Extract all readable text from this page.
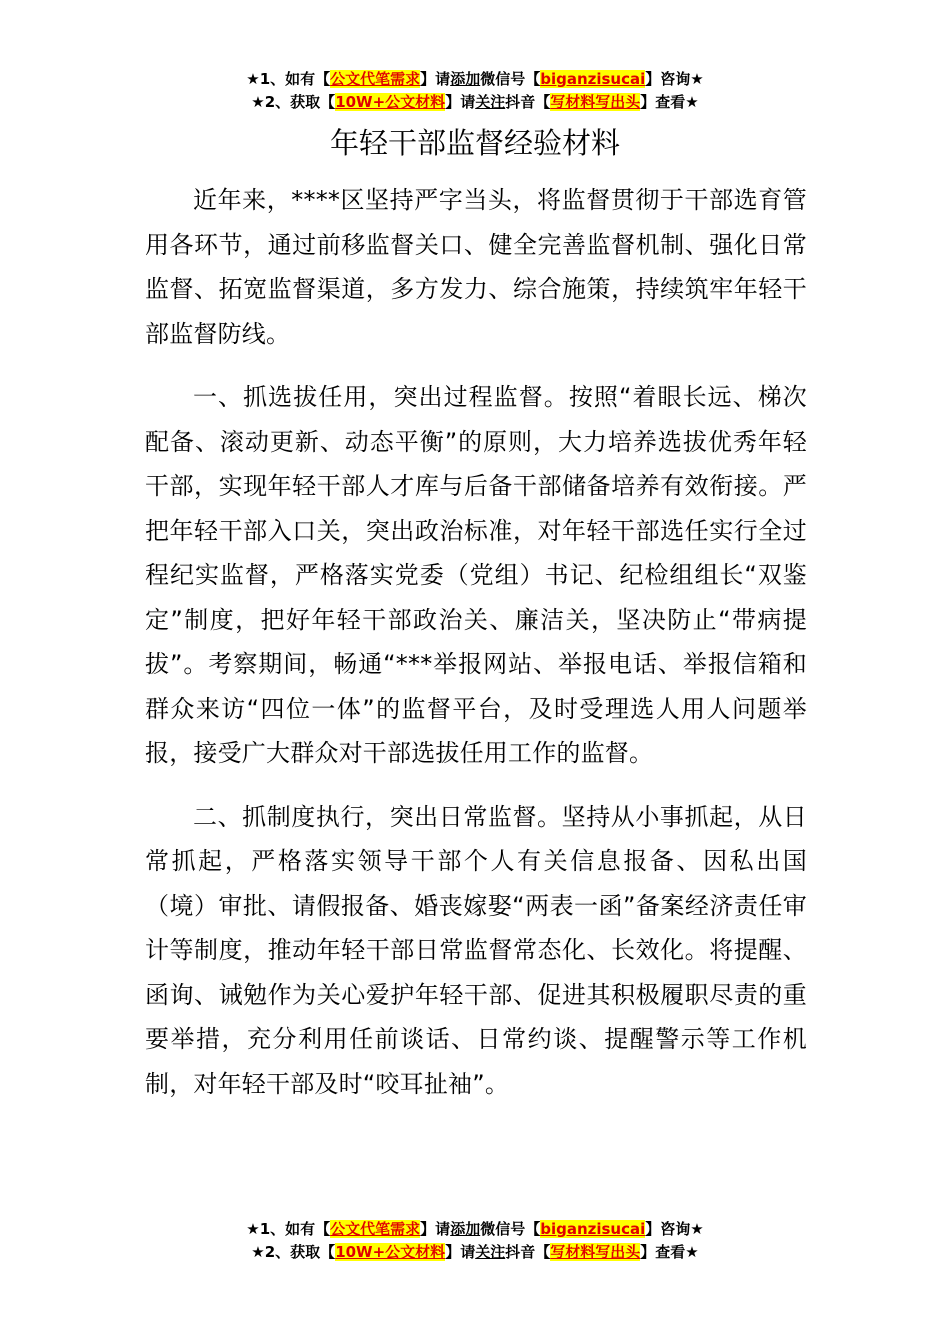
★1、如有【公文代笔需求】请添加微信号【biganzisucai】咨询★
★2、获取【10W+公文材料】请关注抖音【写材料写出头】查看★
年轻干部监督经验材料

近年来，****区坚持严字当头，将监督贯彻于干部选育管用各环节，通过前移监督关口、健全完善监督机制、强化日常监督、拓宽监督渠道，多方发力、综合施策，持续筑牢年轻干部监督防线。

一、抓选拔任用，突出过程监督。按照“着眼长远、梯次配备、滚动更新、动态平衡”的原则，大力培养选拔优秀年轻干部，实现年轻干部人才库与后备干部储备培养有效衔接。严把年轻干部入口关，突出政治标准，对年轻干部选任实行全过程纪实监督，严格落实党委（党组）书记、纪检组组长“双鉴定”制度，把好年轻干部政治关、廉洁关，坚决防止“带病提拔”。考察期间，畅通“***举报网站、举报电话、举报信箱和群众来访“四位一体”的监督平台，及时受理选人用人问题举报，接受广大群众对干部选拔任用工作的监督。

二、抓制度执行，突出日常监督。坚持从小事抓起，从日常抓起，严格落实领导干部个人有关信息报备、因私出国（境）审批、请假报备、婚丧嫁娶“两表一函”备案经济责任审计等制度，推动年轻干部日常监督常态化、长效化。将提醒、函询、诫勉作为关心爱护年轻干部、促进其积极履职尽责的重要举措，充分利用任前谈话、日常约谈、提醒警示等工作机制，对年轻干部及时“咬耳扯袖”。

★1、如有【公文代笔需求】请添加微信号【biganzisucai】咨询★
★2、获取【10W+公文材料】请关注抖音【写材料写出头】查看★
